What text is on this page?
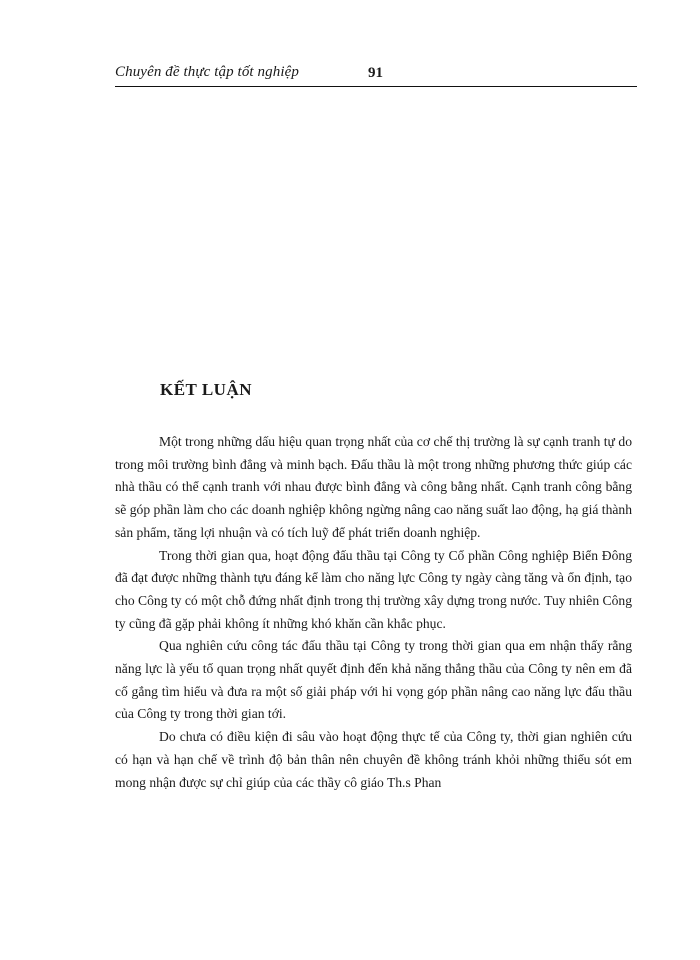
Chuyên đề thực tập tốt nghiệp	91
KẾT LUẬN

Một trong những dấu hiệu quan trọng nhất của cơ chế thị trường là sự cạnh tranh tự do trong môi trường bình đẳng và minh bạch. Đấu thầu là một trong những phương thức giúp các nhà thầu có thể cạnh tranh với nhau được bình đẳng và công bằng nhất. Cạnh tranh công bằng sẽ góp phần làm cho các doanh nghiệp không ngừng nâng cao năng suất lao động, hạ giá thành sản phẩm, tăng lợi nhuận và có tích luỹ để phát triển doanh nghiệp.

Trong thời gian qua, hoạt động đấu thầu tại Công ty Cổ phần Công nghiệp Biển Đông đã đạt được những thành tựu đáng kể làm cho năng lực Công ty ngày càng tăng và ổn định, tạo cho Công ty có một chỗ đứng nhất định trong thị trường xây dựng trong nước. Tuy nhiên Công ty cũng đã gặp phải không ít những khó khăn cần khắc phục.

Qua nghiên cứu công tác đấu thầu tại Công ty trong thời gian qua em nhận thấy rằng năng lực là yếu tố quan trọng nhất quyết định đến khả năng thắng thầu của Công ty nên em đã cố gắng tìm hiểu và đưa ra một số giải pháp với hi vọng góp phần nâng cao năng lực đấu thầu của Công ty trong thời gian tới.

Do chưa có điều kiện đi sâu vào hoạt động thực tế của Công ty, thời gian nghiên cứu có hạn và hạn chế về trình độ bản thân nên chuyên đề không tránh khỏi những thiếu sót em mong nhận được sự chỉ giúp của các thầy cô giáo Th.s Phan
